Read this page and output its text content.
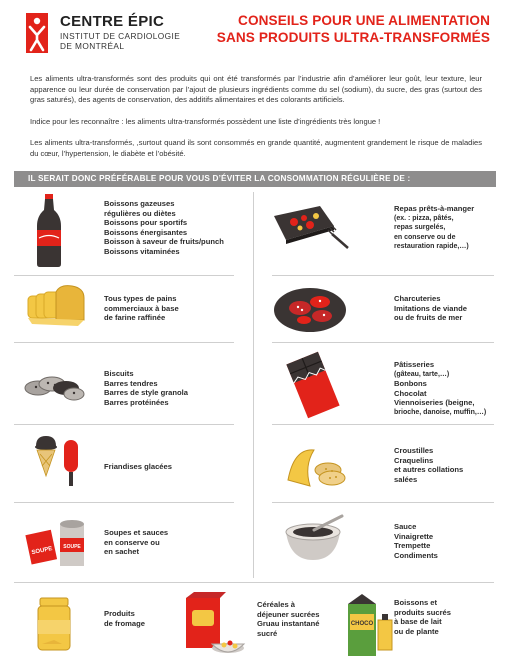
CENTRE ÉPIC
INSTITUT DE CARDIOLOGIE
DE MONTRÉAL
CONSEILS POUR UNE ALIMENTATION
SANS PRODUITS ULTRA-TRANSFORMÉS

Les aliments ultra-transformés sont des produits qui ont été transformés par l’industrie afin d’améliorer leur goût, leur texture, leur apparence ou leur durée de conservation par l’ajout de plusieurs ingrédients comme du sel (sodium), du sucre, des gras (surtout des gras saturés), des agents de conservation, des additifs alimentaires et des colorants artificiels.

Indice pour les reconnaître : les aliments ultra-transformés possèdent une liste d’ingrédients très longue !

Les aliments ultra-transformés, ,surtout quand ils sont consommés en grande quantité, augmentent grandement le risque de maladies du cœur, l’hypertension, le diabète et l’obésité.

IL SERAIT DONC PRÉFÉRABLE POUR VOUS D’ÉVITER LA CONSOMMATION RÉGULIÈRE DE :
Boissons gazeuses
régulières ou diètes
Boissons pour sportifs
Boissons énergisantes
Boisson à saveur de fruits/punch
Boissons vitaminées
Repas prêts-à-manger
(ex. : pizza, pâtés,
repas surgelés,
en conserve ou de
restauration rapide,…)
Tous types de pains
commerciaux à base
de farine raffinée
Charcuteries
Imitations de viande
ou de fruits de mer
Biscuits
Barres tendres
Barres de style granola
Barres protéinées
Pâtisseries
(gâteau, tarte,…)
Bonbons
Chocolat
Viennoiseries (beigne,
brioche, danoise, muffin,…)
Friandises glacées
Croustilles
Craquelins
et autres collations
salées
SOUPE SOUPE
Soupes et sauces
en conserve ou
en sachet
Sauce
Vinaigrette
Trempette
Condiments
Produits
de fromage
Céréales à
déjeuner sucrées
Gruau instantané
sucré
CHOCO
Boissons et
produits sucrés
à base de lait
ou de plante
